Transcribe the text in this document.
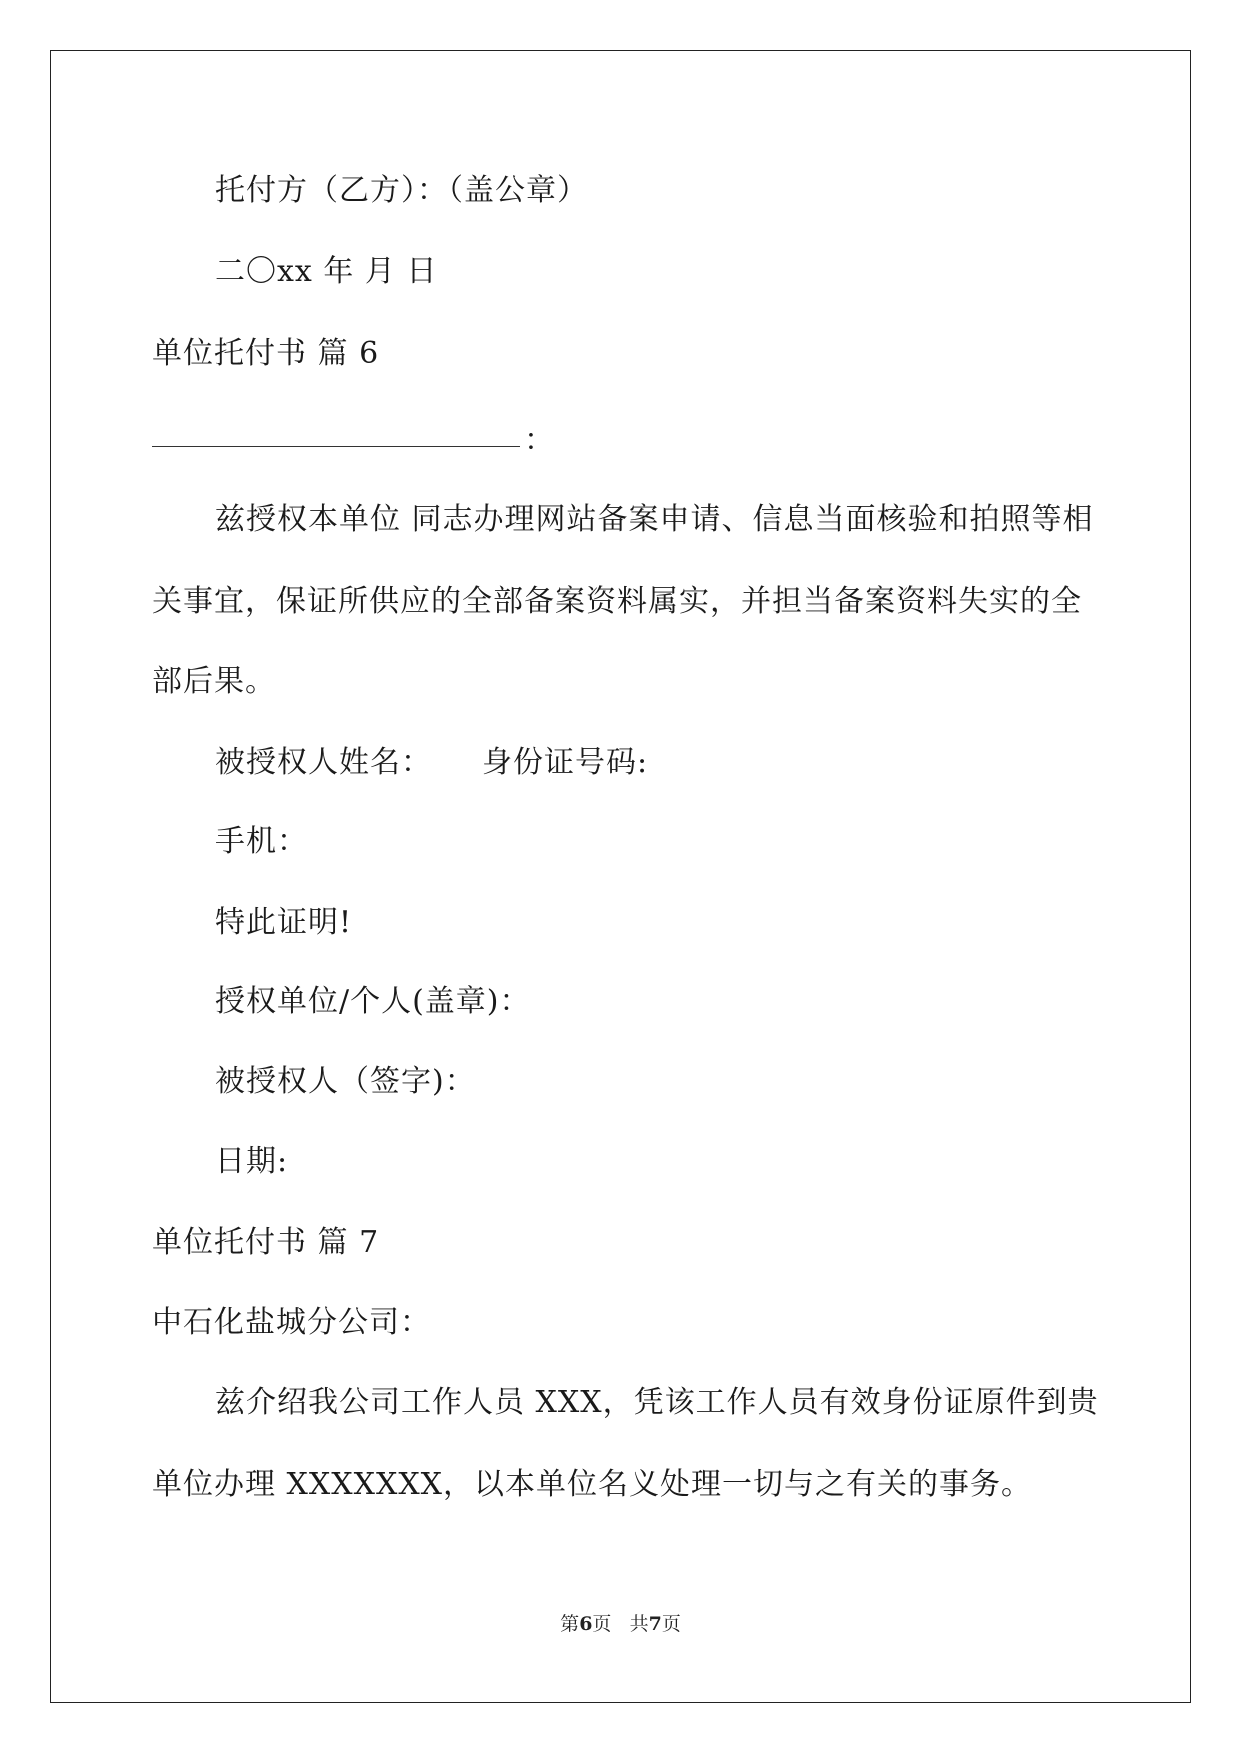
托付方（乙方）：（盖公章）
二〇xx 年 月 日
单位托付书 篇 6
：
兹授权本单位 同志办理网站备案申请、信息当面核验和拍照等相
关事宜，保证所供应的全部备案资料属实，并担当备案资料失实的全
部后果。
被授权人姓名： 身份证号码:
手机：
特此证明!
授权单位/个人(盖章)：
被授权人（签字)：
日期:
单位托付书 篇 7
中石化盐城分公司：
兹介绍我公司工作人员 XXX，凭该工作人员有效身份证原件到贵
单位办理 XXXXXXX，以本单位名义处理一切与之有关的事务。
第6页 共7页
